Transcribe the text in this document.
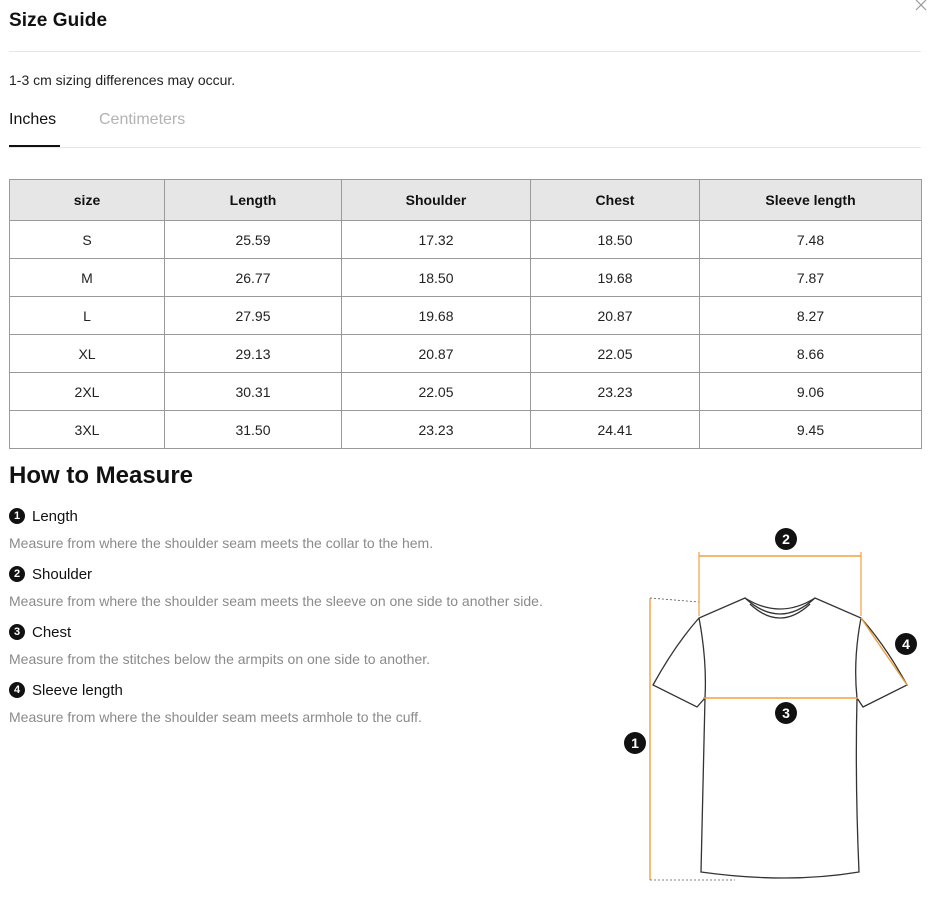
Size Guide
1-3 cm sizing differences may occur.
Inches	Centimeters
size	Length	Shoulder	Chest	Sleeve length
S	25.59	17.32	18.50	7.48
M	26.77	18.50	19.68	7.87
L	27.95	19.68	20.87	8.27
XL	29.13	20.87	22.05	8.66
2XL	30.31	22.05	23.23	9.06
3XL	31.50	23.23	24.41	9.45
How to Measure
1 Length
Measure from where the shoulder seam meets the collar to the hem.
2 Shoulder
Measure from where the shoulder seam meets the sleeve on one side to another side.
3 Chest
Measure from the stitches below the armpits on one side to another.
4 Sleeve length
Measure from where the shoulder seam meets armhole to the cuff.
1
2
3
4
